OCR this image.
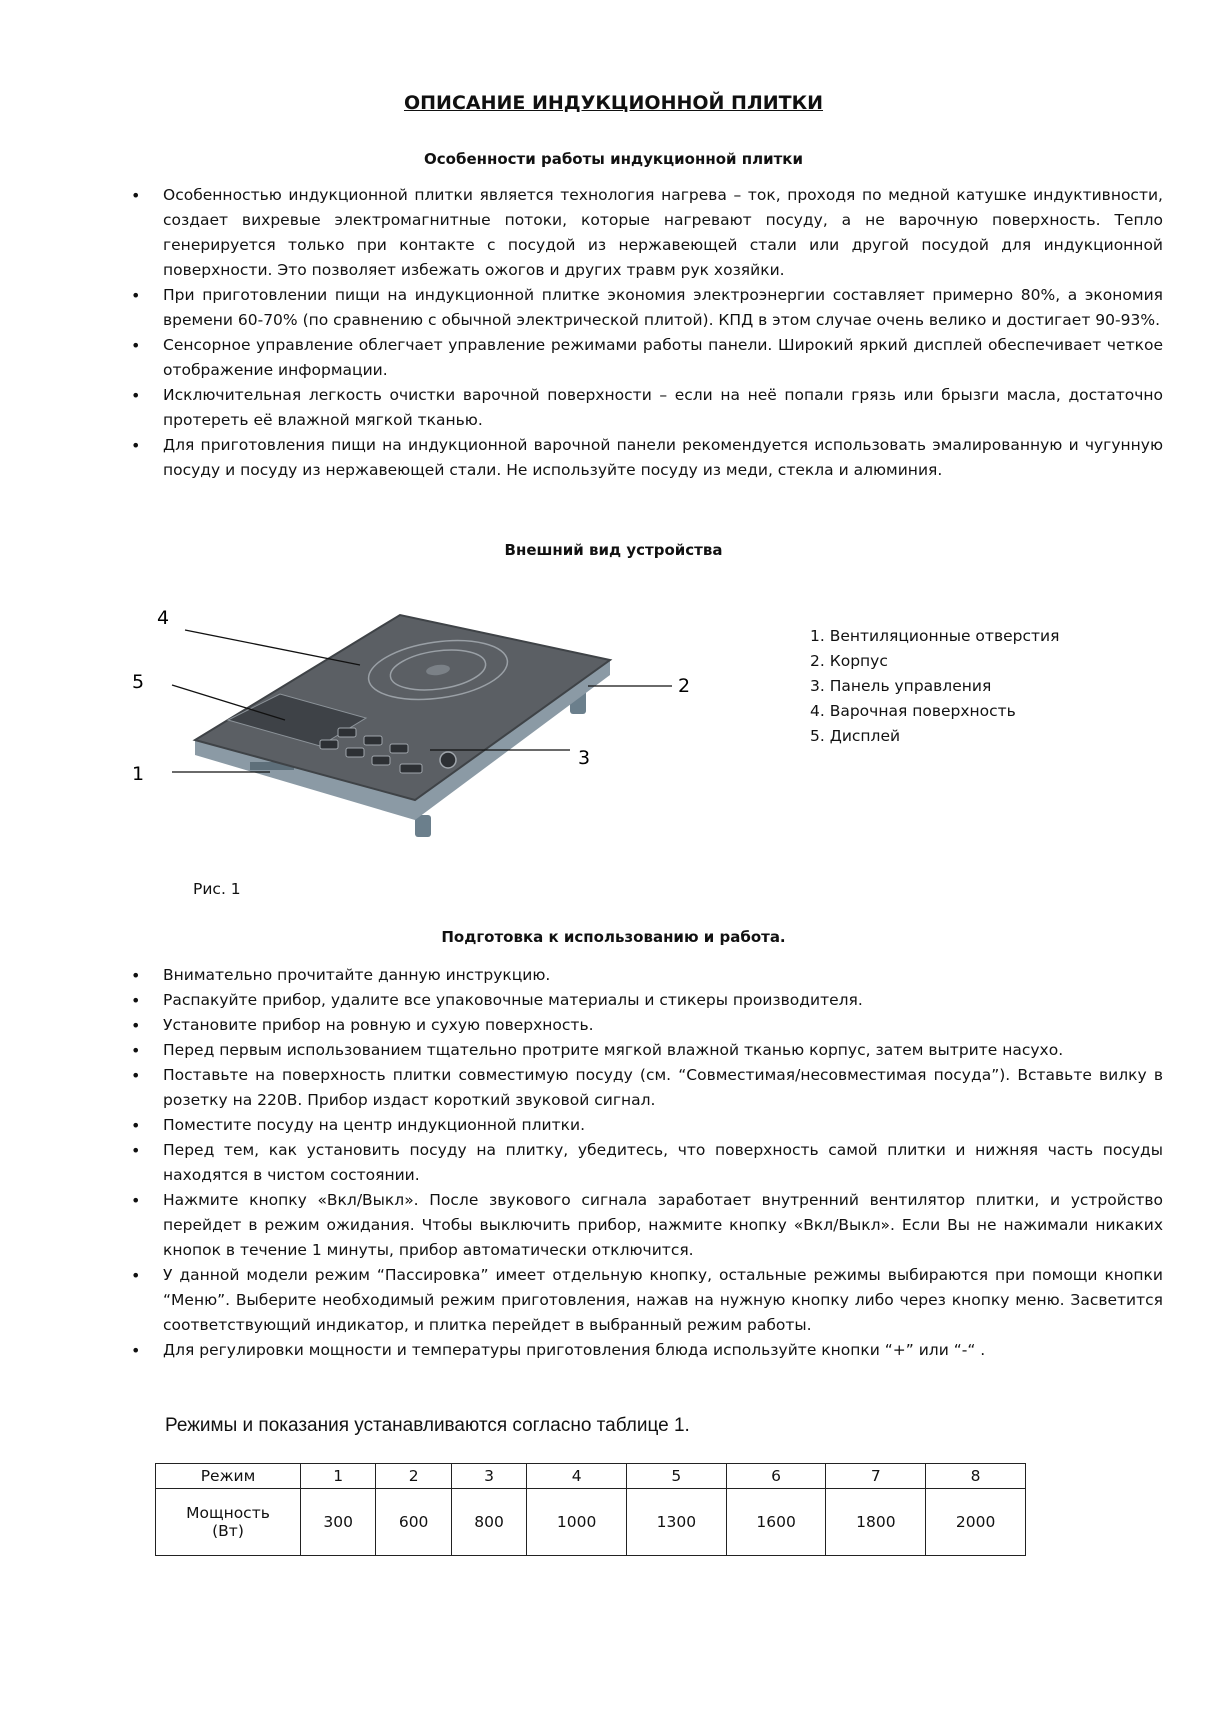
ОПИСАНИЕ ИНДУКЦИОННОЙ ПЛИТКИ
Особенности работы индукционной плитки
• Особенностью индукционной плитки является технология нагрева – ток, проходя по медной катушке индуктивности, создает вихревые электромагнитные потоки, которые нагревают посуду, а не варочную поверхность. Тепло генерируется только при контакте с посудой из нержавеющей стали или другой посудой для индукционной поверхности. Это позволяет избежать ожогов и других травм рук хозяйки.
• При приготовлении пищи на индукционной плитке экономия электроэнергии составляет примерно 80%, а экономия времени 60-70% (по сравнению с обычной электрической плитой). КПД в этом случае очень велико и достигает 90-93%.
• Сенсорное управление облегчает управление режимами работы панели. Широкий яркий дисплей обеспечивает четкое отображение информации.
• Исключительная легкость очистки варочной поверхности – если на неё попали грязь или брызги масла, достаточно протереть её влажной мягкой тканью.
• Для приготовления пищи на индукционной варочной панели рекомендуется использовать эмалированную и чугунную посуду и посуду из нержавеющей стали. Не используйте посуду из меди, стекла и алюминия.
Внешний вид устройства
4
5
1
2
3
1. Вентиляционные отверстия
2. Корпус
3. Панель управления
4. Варочная поверхность
5. Дисплей
Рис. 1
Подготовка к использованию и работа.
• Внимательно прочитайте данную инструкцию.
• Распакуйте прибор, удалите все упаковочные материалы и стикеры производителя.
• Установите прибор на ровную и сухую поверхность.
• Перед первым использованием тщательно протрите мягкой влажной тканью корпус, затем вытрите насухо.
• Поставьте на поверхность плитки совместимую посуду (см. “Совместимая/несовместимая посуда”). Вставьте вилку в розетку на 220В. Прибор издаст короткий звуковой сигнал.
• Поместите посуду на центр индукционной плитки.
• Перед тем, как установить посуду на плитку, убедитесь, что поверхность самой плитки и нижняя часть посуды находятся в чистом состоянии.
• Нажмите кнопку «Вкл/Выкл». После звукового сигнала заработает внутренний вентилятор плитки, и устройство перейдет в режим ожидания. Чтобы выключить прибор, нажмите кнопку «Вкл/Выкл». Если Вы не нажимали никаких кнопок в течение 1 минуты, прибор автоматически отключится.
• У данной модели режим “Пассировка” имеет отдельную кнопку, остальные режимы выбираются при помощи кнопки “Меню”. Выберите необходимый режим приготовления, нажав на нужную кнопку либо через кнопку меню. Засветится соответствующий индикатор, и плитка перейдет в выбранный режим работы.
• Для регулировки мощности и температуры приготовления блюда используйте кнопки “+” или “-“ .
Режимы и показания устанавливаются согласно таблице 1.
Режим	1	2	3	4	5	6	7	8

Мощность
(Вт)	300	600	800	1000	1300	1600	1800	2000
